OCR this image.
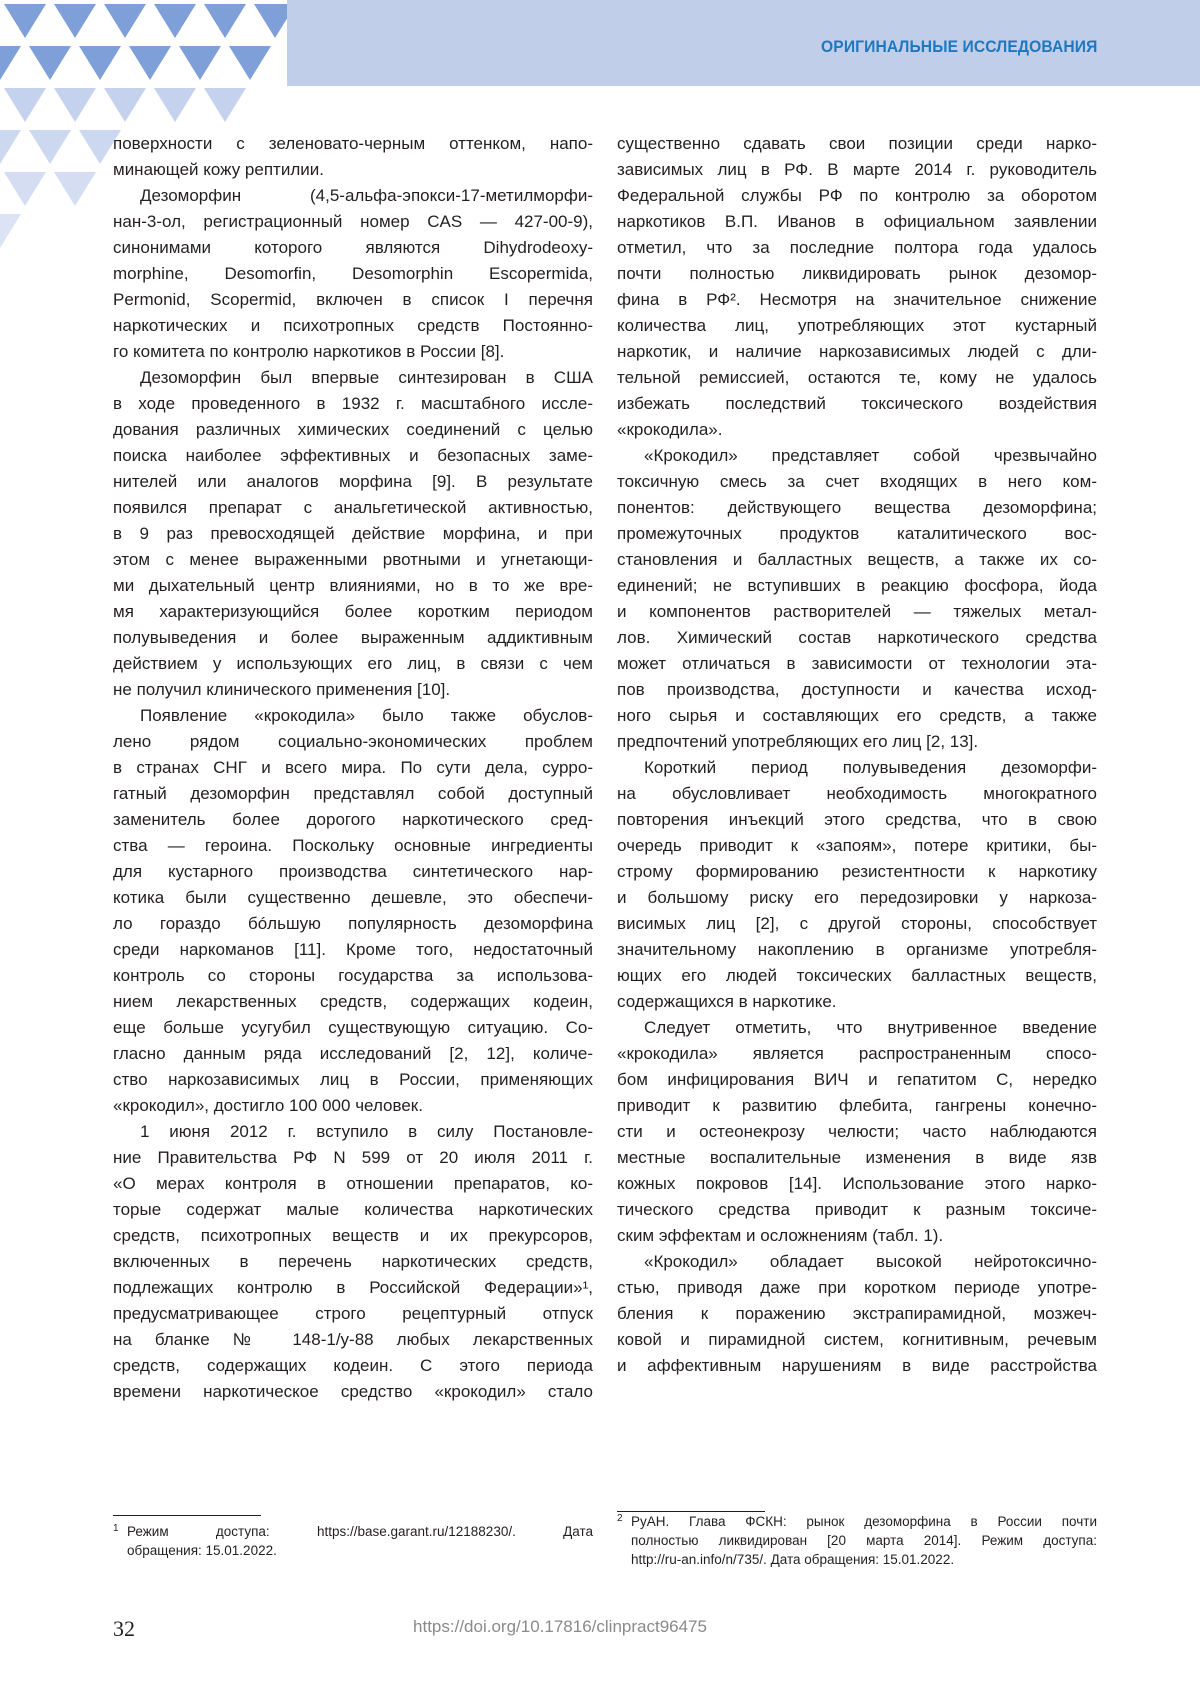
ОРИГИНАЛЬНЫЕ ИССЛЕДОВАНИЯ
поверхности с зеленовато-черным оттенком, напо-
минающей кожу рептилии.
Дезоморфин (4,5-альфа-эпокси-17-метилморфи-
нан-3-ол, регистрационный номер CAS — 427-00-9),
синонимами которого являются Dihydrodeoxy-
morphine, Desomorfin, Desomorphin Escopermida,
Permonid, Scopermid, включен в список I перечня
наркотических и психотропных средств Постоянно-
го комитета по контролю наркотиков в России [8].
Дезоморфин был впервые синтезирован в США
в ходе проведенного в 1932 г. масштабного иссле-
дования различных химических соединений с целью
поиска наиболее эффективных и безопасных заме-
нителей или аналогов морфина [9]. В результате
появился препарат с анальгетической активностью,
в 9 раз превосходящей действие морфина, и при
этом с менее выраженными рвотными и угнетающи-
ми дыхательный центр влияниями, но в то же вре-
мя характеризующийся более коротким периодом
полувыведения и более выраженным аддиктивным
действием у использующих его лиц, в связи с чем
не получил клинического применения [10].
Появление «крокодила» было также обуслов-
лено рядом социально-экономических проблем
в странах СНГ и всего мира. По сути дела, сурро-
гатный дезоморфин представлял собой доступный
заменитель более дорогого наркотического сред-
ства — героина. Поскольку основные ингредиенты
для кустарного производства синтетического нар-
котика были существенно дешевле, это обеспечи-
ло гораздо бóльшую популярность дезоморфина
среди наркоманов [11]. Кроме того, недостаточный
контроль со стороны государства за использова-
нием лекарственных средств, содержащих кодеин,
еще больше усугубил существующую ситуацию. Со-
гласно данным ряда исследований [2, 12], количе-
ство наркозависимых лиц в России, применяющих
«крокодил», достигло 100 000 человек.
1 июня 2012 г. вступило в силу Постановле-
ние Правительства РФ N 599 от 20 июля 2011 г.
«О мерах контроля в отношении препаратов, ко-
торые содержат малые количества наркотических
средств, психотропных веществ и их прекурсоров,
включенных в перечень наркотических средств,
подлежащих контролю в Российской Федерации»¹,
предусматривающее строго рецептурный отпуск
на бланке № 148-1/у-88 любых лекарственных
средств, содержащих кодеин. С этого периода
времени наркотическое средство «крокодил» стало
существенно сдавать свои позиции среди нарко-
зависимых лиц в РФ. В марте 2014 г. руководитель
Федеральной службы РФ по контролю за оборотом
наркотиков В.П. Иванов в официальном заявлении
отметил, что за последние полтора года удалось
почти полностью ликвидировать рынок дезомор-
фина в РФ². Несмотря на значительное снижение
количества лиц, употребляющих этот кустарный
наркотик, и наличие наркозависимых людей с дли-
тельной ремиссией, остаются те, кому не удалось
избежать последствий токсического воздействия
«крокодила».
«Крокодил» представляет собой чрезвычайно
токсичную смесь за счет входящих в него ком-
понентов: действующего вещества дезоморфина;
промежуточных продуктов каталитического вос-
становления и балластных веществ, а также их со-
единений; не вступивших в реакцию фосфора, йода
и компонентов растворителей — тяжелых метал-
лов. Химический состав наркотического средства
может отличаться в зависимости от технологии эта-
пов производства, доступности и качества исход-
ного сырья и составляющих его средств, а также
предпочтений употребляющих его лиц [2, 13].
Короткий период полувыведения дезоморфи-
на обусловливает необходимость многократного
повторения инъекций этого средства, что в свою
очередь приводит к «запоям», потере критики, бы-
строму формированию резистентности к наркотику
и большому риску его передозировки у наркоза-
висимых лиц [2], с другой стороны, способствует
значительному накоплению в организме употребля-
ющих его людей токсических балластных веществ,
содержащихся в наркотике.
Следует отметить, что внутривенное введение
«крокодила» является распространенным спосо-
бом инфицирования ВИЧ и гепатитом С, нередко
приводит к развитию флебита, гангрены конечно-
сти и остеонекрозу челюсти; часто наблюдаются
местные воспалительные изменения в виде язв
кожных покровов [14]. Использование этого нарко-
тического средства приводит к разным токсиче-
ским эффектам и осложнениям (табл. 1).
«Крокодил» обладает высокой нейротоксично-
стью, приводя даже при коротком периоде употре-
бления к поражению экстрапирамидной, мозжеч-
ковой и пирамидной систем, когнитивным, речевым
и аффективным нарушениям в виде расстройства
1 Режим доступа: https://base.garant.ru/12188230/. Дата
обращения: 15.01.2022.
2 РуАН. Глава ФСКН: рынок дезоморфина в России почти
полностью ликвидирован [20 марта 2014]. Режим доступа:
http://ru-an.info/n/735/. Дата обращения: 15.01.2022.
32	https://doi.org/10.17816/clinpract96475
